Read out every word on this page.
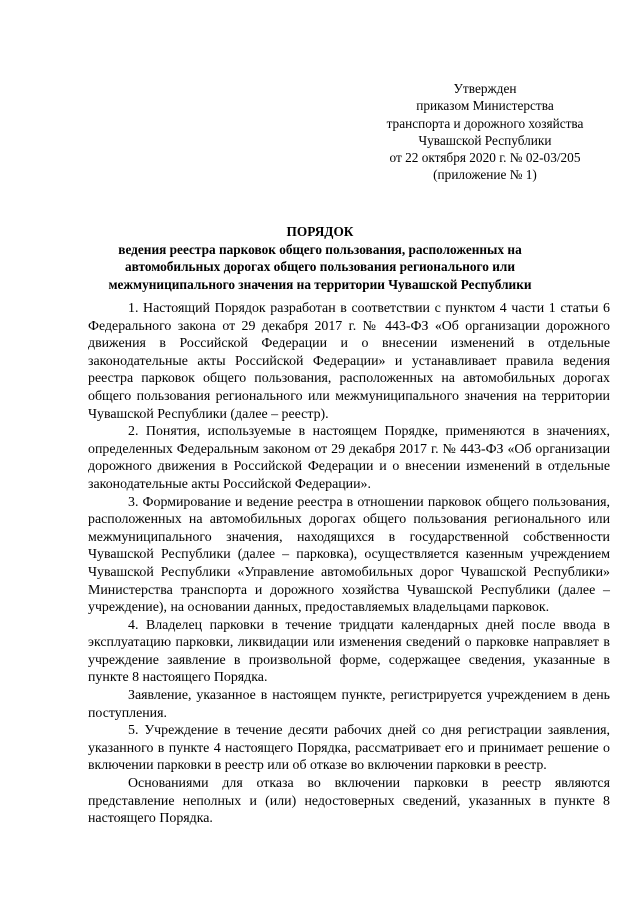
Утвержден
приказом Министерства
транспорта и дорожного хозяйства
Чувашской Республики
от 22 октября 2020 г. № 02-03/205
(приложение № 1)
ПОРЯДОК
ведения реестра парковок общего пользования, расположенных на
автомобильных дорогах общего пользования регионального или
межмуниципального значения на территории Чувашской Республики

1. Настоящий Порядок разработан в соответствии с пунктом 4 части 1 статьи 6 Федерального закона от 29 декабря 2017 г. № 443-ФЗ «Об организации дорожного движения в Российской Федерации и о внесении изменений в отдельные законодательные акты Российской Федерации» и устанавливает правила ведения реестра парковок общего пользования, расположенных на автомобильных дорогах общего пользования регионального или межмуниципального значения на территории Чувашской Республики (далее – реестр).

2. Понятия, используемые в настоящем Порядке, применяются в значениях, определенных Федеральным законом от 29 декабря 2017 г. № 443-ФЗ «Об организации дорожного движения в Российской Федерации и о внесении изменений в отдельные законодательные акты Российской Федерации».

3. Формирование и ведение реестра в отношении парковок общего пользования, расположенных на автомобильных дорогах общего пользования регионального или межмуниципального значения, находящихся в государственной собственности Чувашской Республики (далее – парковка), осуществляется казенным учреждением Чувашской Республики «Управление автомобильных дорог Чувашской Республики» Министерства транспорта и дорожного хозяйства Чувашской Республики (далее – учреждение), на основании данных, предоставляемых владельцами парковок.

4. Владелец парковки в течение тридцати календарных дней после ввода в эксплуатацию парковки, ликвидации или изменения сведений о парковке направляет в учреждение заявление в произвольной форме, содержащее сведения, указанные в пункте 8 настоящего Порядка.

Заявление, указанное в настоящем пункте, регистрируется учреждением в день поступления.

5. Учреждение в течение десяти рабочих дней со дня регистрации заявления, указанного в пункте 4 настоящего Порядка, рассматривает его и принимает решение о включении парковки в реестр или об отказе во включении парковки в реестр.

Основаниями для отказа во включении парковки в реестр являются представление неполных и (или) недостоверных сведений, указанных в пункте 8 настоящего Порядка.
